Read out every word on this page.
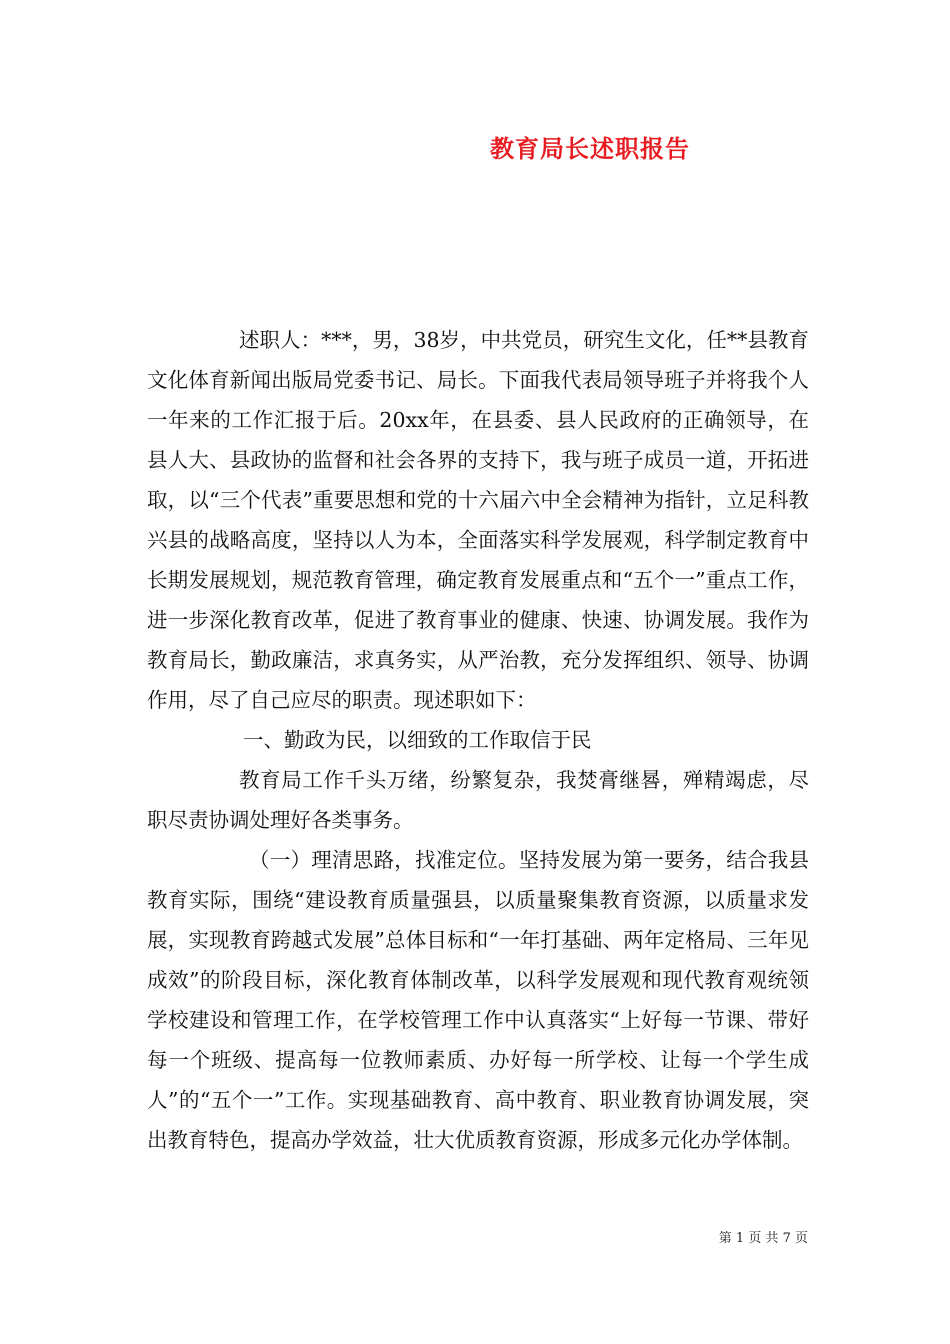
教育局长述职报告

述职人：***，男，38岁，中共党员，研究生文化，任**县教育文化体育新闻出版局党委书记、局长。下面我代表局领导班子并将我个人一年来的工作汇报于后。20xx年，在县委、县人民政府的正确领导，在县人大、县政协的监督和社会各界的支持下，我与班子成员一道，开拓进取，以“三个代表”重要思想和党的十六届六中全会精神为指针，立足科教兴县的战略高度，坚持以人为本，全面落实科学发展观，科学制定教育中长期发展规划，规范教育管理，确定教育发展重点和“五个一”重点工作，进一步深化教育改革，促进了教育事业的健康、快速、协调发展。我作为教育局长，勤政廉洁，求真务实，从严治教，充分发挥组织、领导、协调作用，尽了自己应尽的职责。现述职如下：

一、勤政为民，以细致的工作取信于民

教育局工作千头万绪，纷繁复杂，我焚膏继晷，殚精竭虑，尽职尽责协调处理好各类事务。

（一）理清思路，找准定位。坚持发展为第一要务，结合我县教育实际，围绕“建设教育质量强县，以质量聚集教育资源，以质量求发展，实现教育跨越式发展”总体目标和“一年打基础、两年定格局、三年见成效”的阶段目标，深化教育体制改革，以科学发展观和现代教育观统领学校建设和管理工作，在学校管理工作中认真落实“上好每一节课、带好每一个班级、提高每一位教师素质、办好每一所学校、让每一个学生成人”的“五个一”工作。实现基础教育、高中教育、职业教育协调发展，突出教育特色，提高办学效益，壮大优质教育资源，形成多元化办学体制。

第 1 页 共 7 页
